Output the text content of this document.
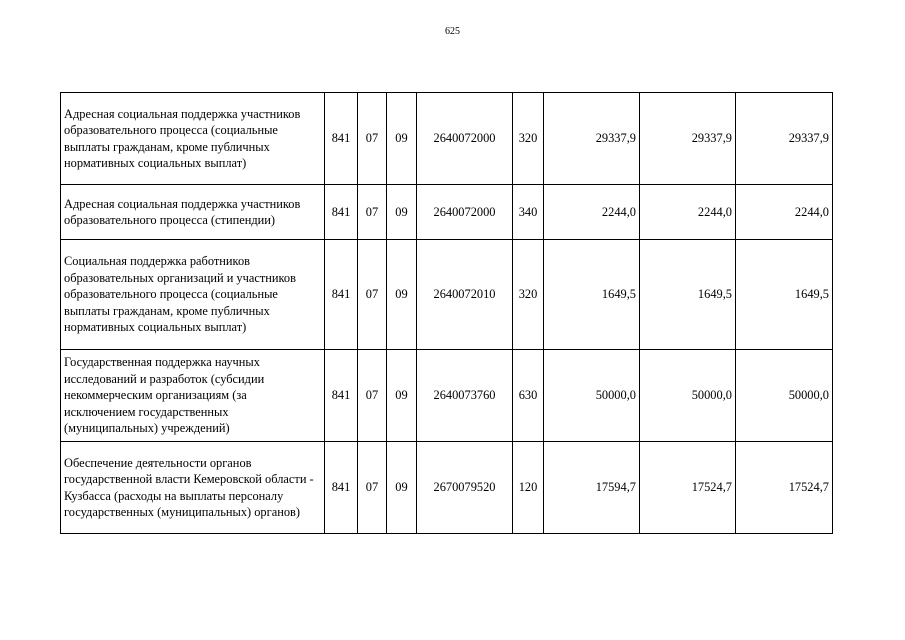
625
Адресная социальная поддержка участников образовательного процесса (социальные выплаты гражданам, кроме публичных нормативных социальных выплат)	841	07	09	2640072000	320	29337,9	29337,9	29337,9
Адресная социальная поддержка участников образовательного процесса (стипендии)	841	07	09	2640072000	340	2244,0	2244,0	2244,0
Социальная поддержка работников образовательных организаций и участников образовательного процесса (социальные выплаты гражданам, кроме публичных нормативных социальных выплат)	841	07	09	2640072010	320	1649,5	1649,5	1649,5
Государственная поддержка научных исследований и разработок (субсидии некоммерческим организациям (за исключением государственных (муниципальных) учреждений)	841	07	09	2640073760	630	50000,0	50000,0	50000,0
Обеспечение деятельности органов государственной власти Кемеровской области - Кузбасса (расходы на выплаты персоналу государственных (муниципальных) органов)	841	07	09	2670079520	120	17594,7	17524,7	17524,7
